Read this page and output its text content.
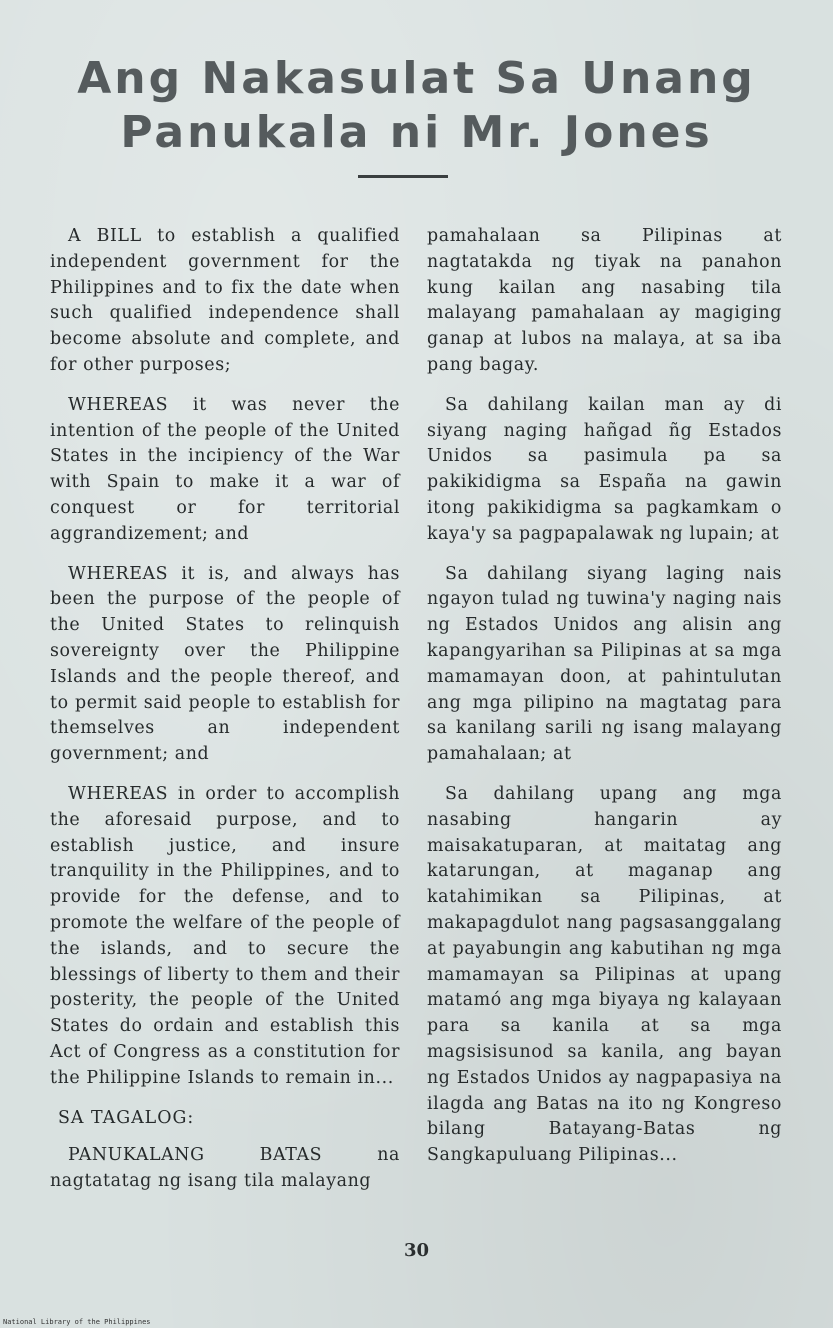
Ang Nakasulat Sa Unang
Panukala ni Mr. Jones

A BILL to establish a qualified independent government for the Philippines and to fix the date when such qualified independence shall become absolute and complete, and for other purposes;

WHEREAS it was never the intention of the people of the United States in the incipiency of the War with Spain to make it a war of conquest or for territorial aggrandizement; and

WHEREAS it is, and always has been the purpose of the people of the United States to relinquish sovereignty over the Philippine Islands and the people thereof, and to permit said people to establish for themselves an independent government; and

WHEREAS in order to accomplish the aforesaid purpose, and to establish justice, and insure tranquility in the Philippines, and to provide for the defense, and to promote the welfare of the people of the islands, and to secure the blessings of liberty to them and their posterity, the people of the United States do ordain and establish this Act of Congress as a constitution for the Philippine Islands to remain in...

SA TAGALOG:

PANUKALANG BATAS na nagtatatag ng isang tila malayang

pamahalaan sa Pilipinas at nagtatakda ng tiyak na panahon kung kailan ang nasabing tila malayang pamahalaan ay magiging ganap at lubos na malaya, at sa iba pang bagay.

Sa dahilang kailan man ay di siyang naging hañgad ñg Estados Unidos sa pasimula pa sa pakikidigma sa España na gawin itong pakikidigma sa pagkamkam o kaya'y sa pagpapalawak ng lupain; at

Sa dahilang siyang laging nais ngayon tulad ng tuwina'y naging nais ng Estados Unidos ang alisin ang kapangyarihan sa Pilipinas at sa mga mamamayan doon, at pahintulutan ang mga pilipino na magtatag para sa kanilang sarili ng isang malayang pamahalaan; at

Sa dahilang upang ang mga nasabing hangarin ay maisakatuparan, at maitatag ang katarungan, at maganap ang katahimikan sa Pilipinas, at makapagdulot nang pagsasanggalang at payabungin ang kabutihan ng mga mamamayan sa Pilipinas at upang matamó ang mga biyaya ng kalayaan para sa kanila at sa mga magsisisunod sa kanila, ang bayan ng Estados Unidos ay nagpapasiya na ilagda ang Batas na ito ng Kongreso bilang Batayang-Batas ng Sangkapuluang Pilipinas...

30
National Library of the Philippines
